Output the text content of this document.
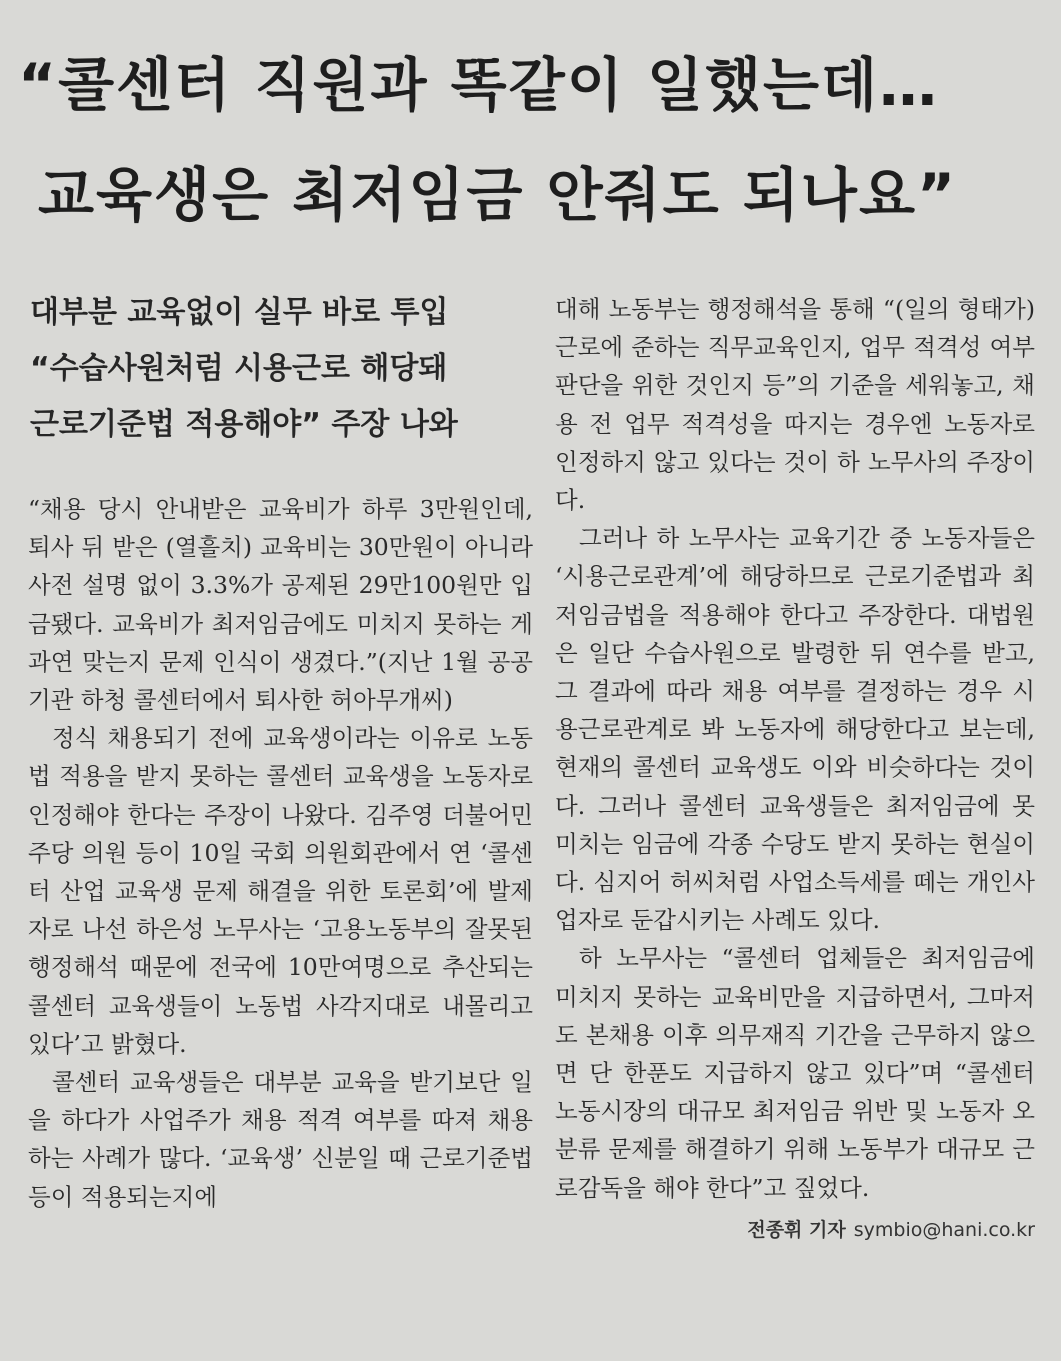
“콜센터 직원과 똑같이 일했는데…
교육생은 최저임금 안줘도 되나요”
대부분 교육없이 실무 바로 투입
“수습사원처럼 시용근로 해당돼
근로기준법 적용해야” 주장 나와

“채용 당시 안내받은 교육비가 하루 3만원인데, 퇴사 뒤 받은 (열흘치) 교육비는 30만원이 아니라 사전 설명 없이 3.3%가 공제된 29만100원만 입금됐다. 교육비가 최저임금에도 미치지 못하는 게 과연 맞는지 문제 인식이 생겼다.”(지난 1월 공공기관 하청 콜센터에서 퇴사한 허아무개씨)

정식 채용되기 전에 교육생이라는 이유로 노동법 적용을 받지 못하는 콜센터 교육생을 노동자로 인정해야 한다는 주장이 나왔다. 김주영 더불어민주당 의원 등이 10일 국회 의원회관에서 연 ‘콜센터 산업 교육생 문제 해결을 위한 토론회’에 발제자로 나선 하은성 노무사는 ‘고용노동부의 잘못된 행정해석 때문에 전국에 10만여명으로 추산되는 콜센터 교육생들이 노동법 사각지대로 내몰리고 있다’고 밝혔다.

콜센터 교육생들은 대부분 교육을 받기보단 일을 하다가 사업주가 채용 적격 여부를 따져 채용하는 사례가 많다. ‘교육생’ 신분일 때 근로기준법 등이 적용되는지에

대해 노동부는 행정해석을 통해 “(일의 형태가) 근로에 준하는 직무교육인지, 업무 적격성 여부 판단을 위한 것인지 등”의 기준을 세워놓고, 채용 전 업무 적격성을 따지는 경우엔 노동자로 인정하지 않고 있다는 것이 하 노무사의 주장이다.

그러나 하 노무사는 교육기간 중 노동자들은 ‘시용근로관계’에 해당하므로 근로기준법과 최저임금법을 적용해야 한다고 주장한다. 대법원은 일단 수습사원으로 발령한 뒤 연수를 받고, 그 결과에 따라 채용 여부를 결정하는 경우 시용근로관계로 봐 노동자에 해당한다고 보는데, 현재의 콜센터 교육생도 이와 비슷하다는 것이다. 그러나 콜센터 교육생들은 최저임금에 못 미치는 임금에 각종 수당도 받지 못하는 현실이다. 심지어 허씨처럼 사업소득세를 떼는 개인사업자로 둔갑시키는 사례도 있다.

하 노무사는 “콜센터 업체들은 최저임금에 미치지 못하는 교육비만을 지급하면서, 그마저도 본채용 이후 의무재직 기간을 근무하지 않으면 단 한푼도 지급하지 않고 있다”며 “콜센터 노동시장의 대규모 최저임금 위반 및 노동자 오분류 문제를 해결하기 위해 노동부가 대규모 근로감독을 해야 한다”고 짚었다.

전종휘 기자 symbio@hani.co.kr
